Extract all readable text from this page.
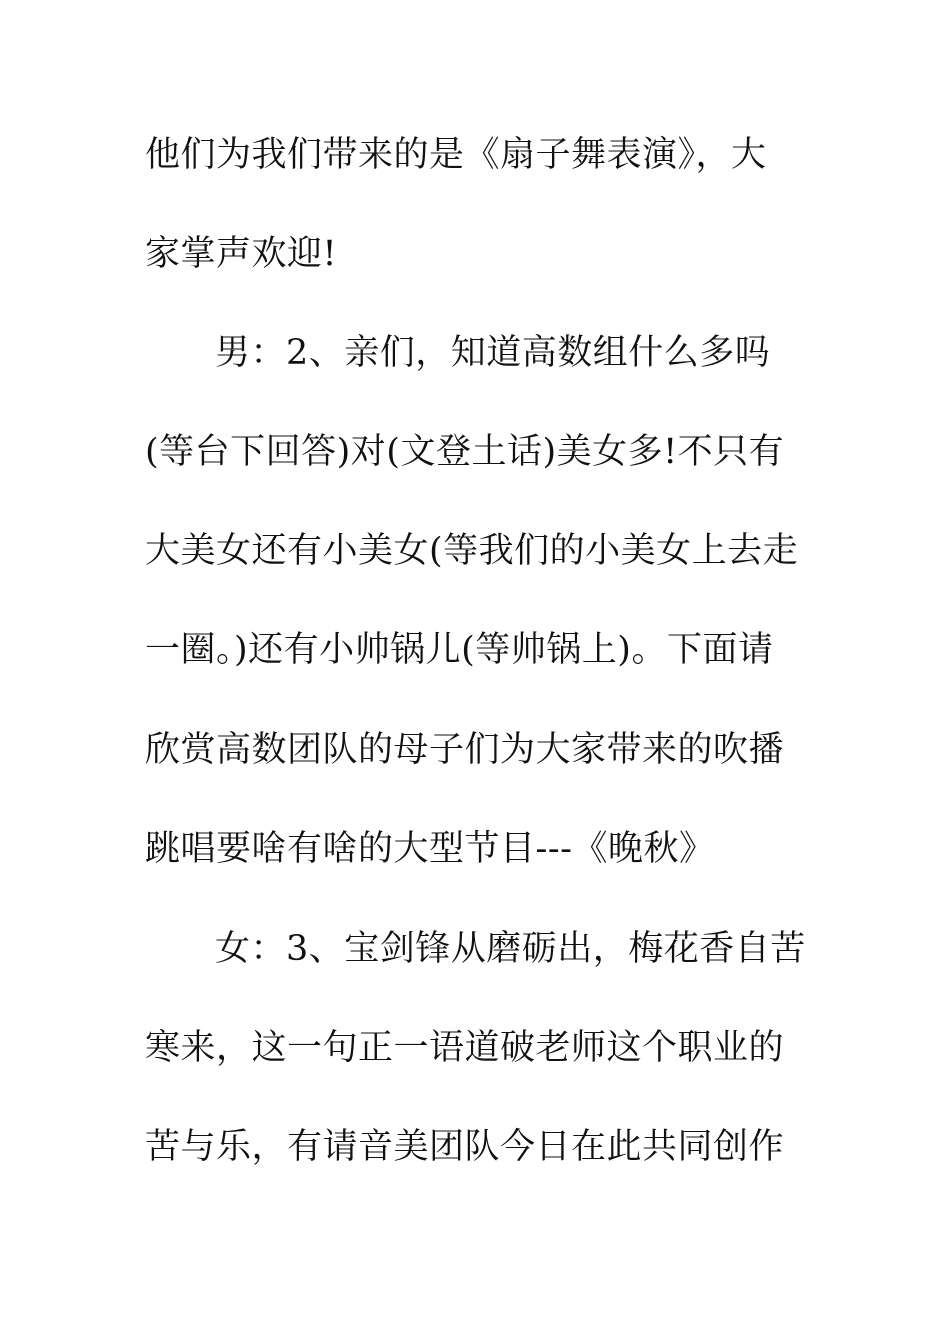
他们为我们带来的是《扇子舞表演》，大
家掌声欢迎!
男：2、亲们，知道高数组什么多吗
(等台下回答)对(文登土话)美女多!不只有
大美女还有小美女(等我们的小美女上去走
一圈。)还有小帅锅儿(等帅锅上)。下面请
欣赏高数团队的母子们为大家带来的吹播
跳唱要啥有啥的大型节目---《晚秋》
女：3、宝剑锋从磨砺出，梅花香自苦
寒来，这一句正一语道破老师这个职业的
苦与乐，有请音美团队今日在此共同创作
